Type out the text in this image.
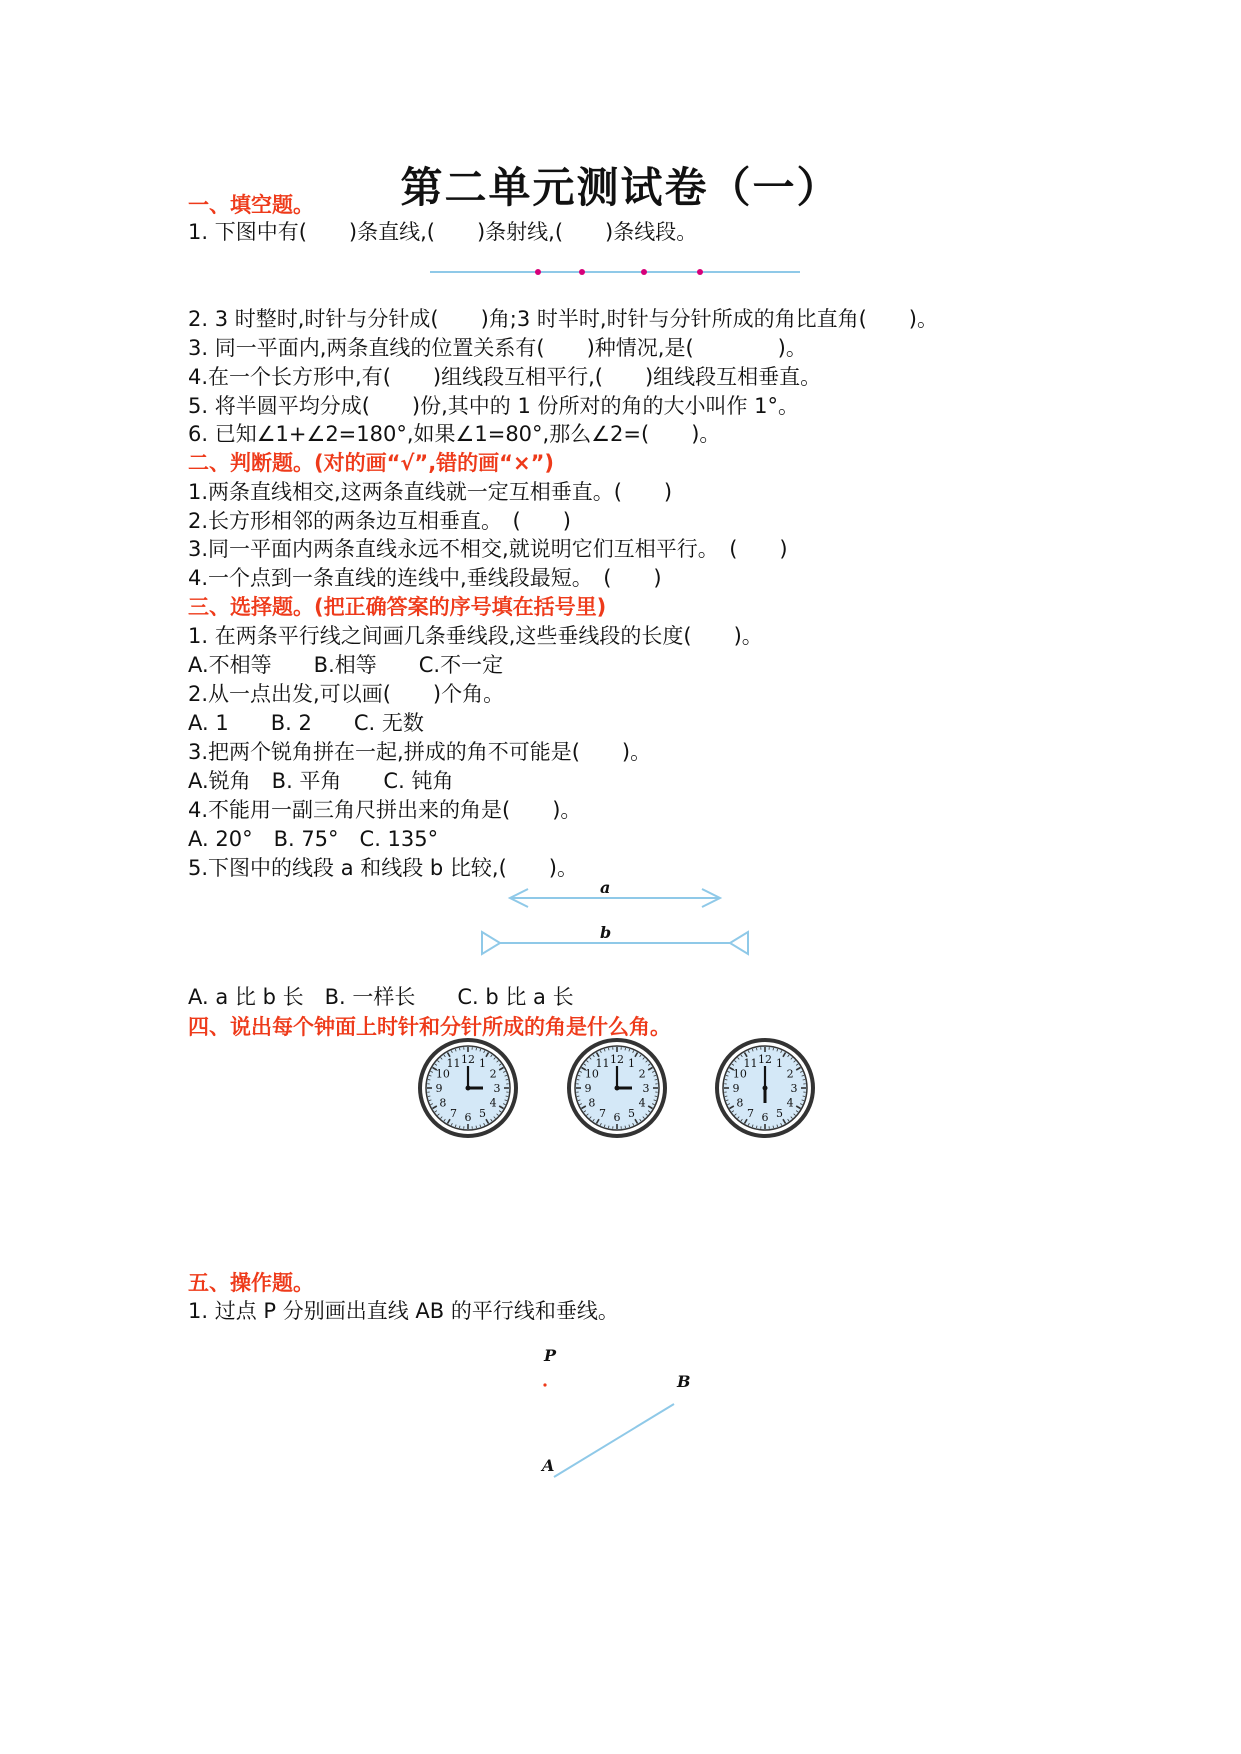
第二单元测试卷（一）
一、填空题。
1. 下图中有(　　)条直线,(　　)条射线,(　　)条线段。
2. 3 时整时,时针与分针成(　　)角;3 时半时,时针与分针所成的角比直角(　　)。
3. 同一平面内,两条直线的位置关系有(　　)种情况,是(　　　　)。
4.在一个长方形中,有(　　)组线段互相平行,(　　)组线段互相垂直。
5. 将半圆平均分成(　　)份,其中的 1 份所对的角的大小叫作 1°。
6. 已知∠1+∠2=180°,如果∠1=80°,那么∠2=(　　)。
二、判断题。(对的画“√”,错的画“×”)
1.两条直线相交,这两条直线就一定互相垂直。(　　)
2.长方形相邻的两条边互相垂直。　(　　)
3.同一平面内两条直线永远不相交,就说明它们互相平行。　(　　)
4.一个点到一条直线的连线中,垂线段最短。　(　　)
三、选择题。(把正确答案的序号填在括号里)
1. 在两条平行线之间画几条垂线段,这些垂线段的长度(　　)。
A.不相等　　B.相等　　C.不一定
2.从一点出发,可以画(　　)个角。
A. 1　　B. 2　　C. 无数
3.把两个锐角拼在一起,拼成的角不可能是(　　)。
A.锐角　B. 平角　　C. 钝角
4.不能用一副三角尺拼出来的角是(　　)。
A. 20°　B. 75°　C. 135°
5.下图中的线段 a 和线段 b 比较,(　　)。
a
b
A. a 比 b 长　B. 一样长　　C. b 比 a 长
四、说出每个钟面上时针和分针所成的角是什么角。
12 1
2
3
4
5
6
7
8
9
10
11	12 1
2
3
4
5
6
7
8
9
10
11	12 1
2
3
4
5
6
7
8
9
10
11
五、操作题。
1. 过点 P 分别画出直线 AB 的平行线和垂线。
P
B
A
